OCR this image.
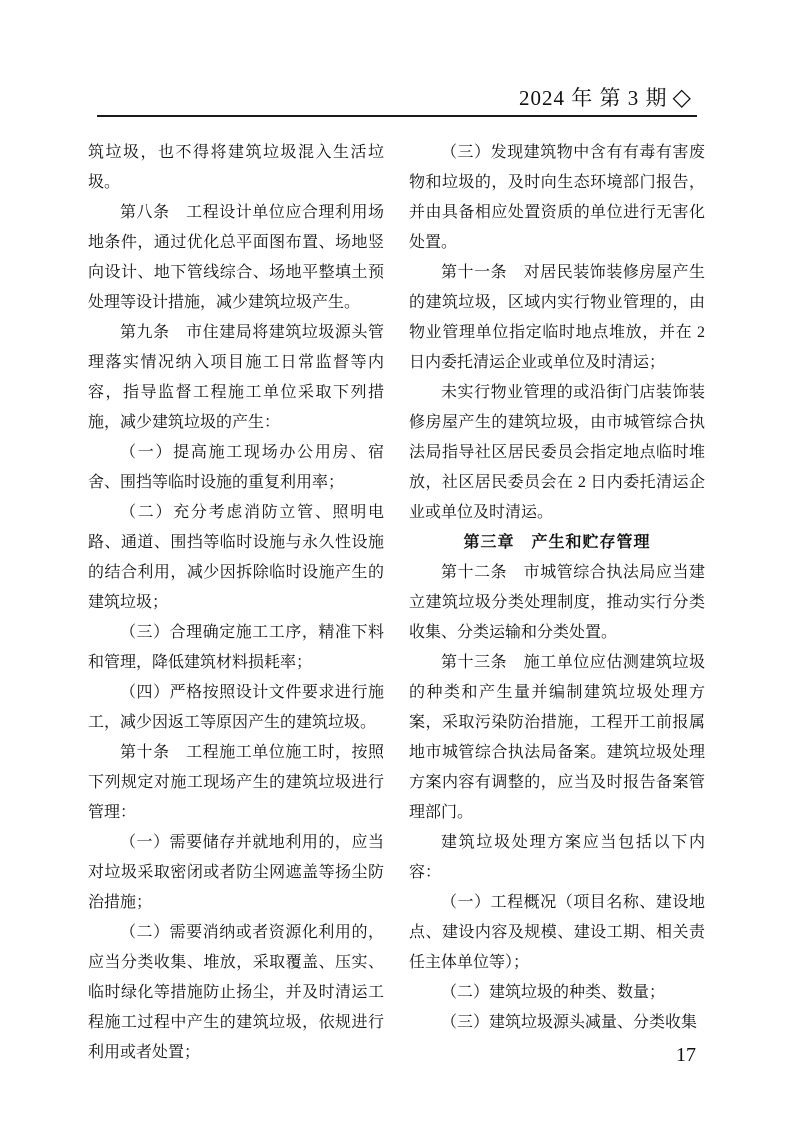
2024 年 第 3 期 ◇
筑垃圾，也不得将建筑垃圾混入生活垃圾。
第八条　工程设计单位应合理利用场地条件，通过优化总平面图布置、场地竖向设计、地下管线综合、场地平整填土预处理等设计措施，减少建筑垃圾产生。
第九条　市住建局将建筑垃圾源头管理落实情况纳入项目施工日常监督等内容，指导监督工程施工单位采取下列措施，减少建筑垃圾的产生：
（一）提高施工现场办公用房、宿舍、围挡等临时设施的重复利用率；
（二）充分考虑消防立管、照明电路、通道、围挡等临时设施与永久性设施的结合利用，减少因拆除临时设施产生的建筑垃圾；
（三）合理确定施工工序，精准下料和管理，降低建筑材料损耗率；
（四）严格按照设计文件要求进行施工，减少因返工等原因产生的建筑垃圾。
第十条　工程施工单位施工时，按照下列规定对施工现场产生的建筑垃圾进行管理：
（一）需要储存并就地利用的，应当对垃圾采取密闭或者防尘网遮盖等扬尘防治措施；
（二）需要消纳或者资源化利用的，应当分类收集、堆放，采取覆盖、压实、临时绿化等措施防止扬尘，并及时清运工程施工过程中产生的建筑垃圾，依规进行利用或者处置；
（三）发现建筑物中含有有毒有害废物和垃圾的，及时向生态环境部门报告，并由具备相应处置资质的单位进行无害化处置。
第十一条　对居民装饰装修房屋产生的建筑垃圾，区域内实行物业管理的，由物业管理单位指定临时地点堆放，并在 2 日内委托清运企业或单位及时清运；
未实行物业管理的或沿街门店装饰装修房屋产生的建筑垃圾，由市城管综合执法局指导社区居民委员会指定地点临时堆放，社区居民委员会在 2 日内委托清运企业或单位及时清运。
第三章　产生和贮存管理
第十二条　市城管综合执法局应当建立建筑垃圾分类处理制度，推动实行分类收集、分类运输和分类处置。
第十三条　施工单位应估测建筑垃圾的种类和产生量并编制建筑垃圾处理方案，采取污染防治措施，工程开工前报属地市城管综合执法局备案。建筑垃圾处理方案内容有调整的，应当及时报告备案管理部门。
建筑垃圾处理方案应当包括以下内容：
（一）工程概况（项目名称、建设地点、建设内容及规模、建设工期、相关责任主体单位等）；
（二）建筑垃圾的种类、数量；
（三）建筑垃圾源头减量、分类收集
17
